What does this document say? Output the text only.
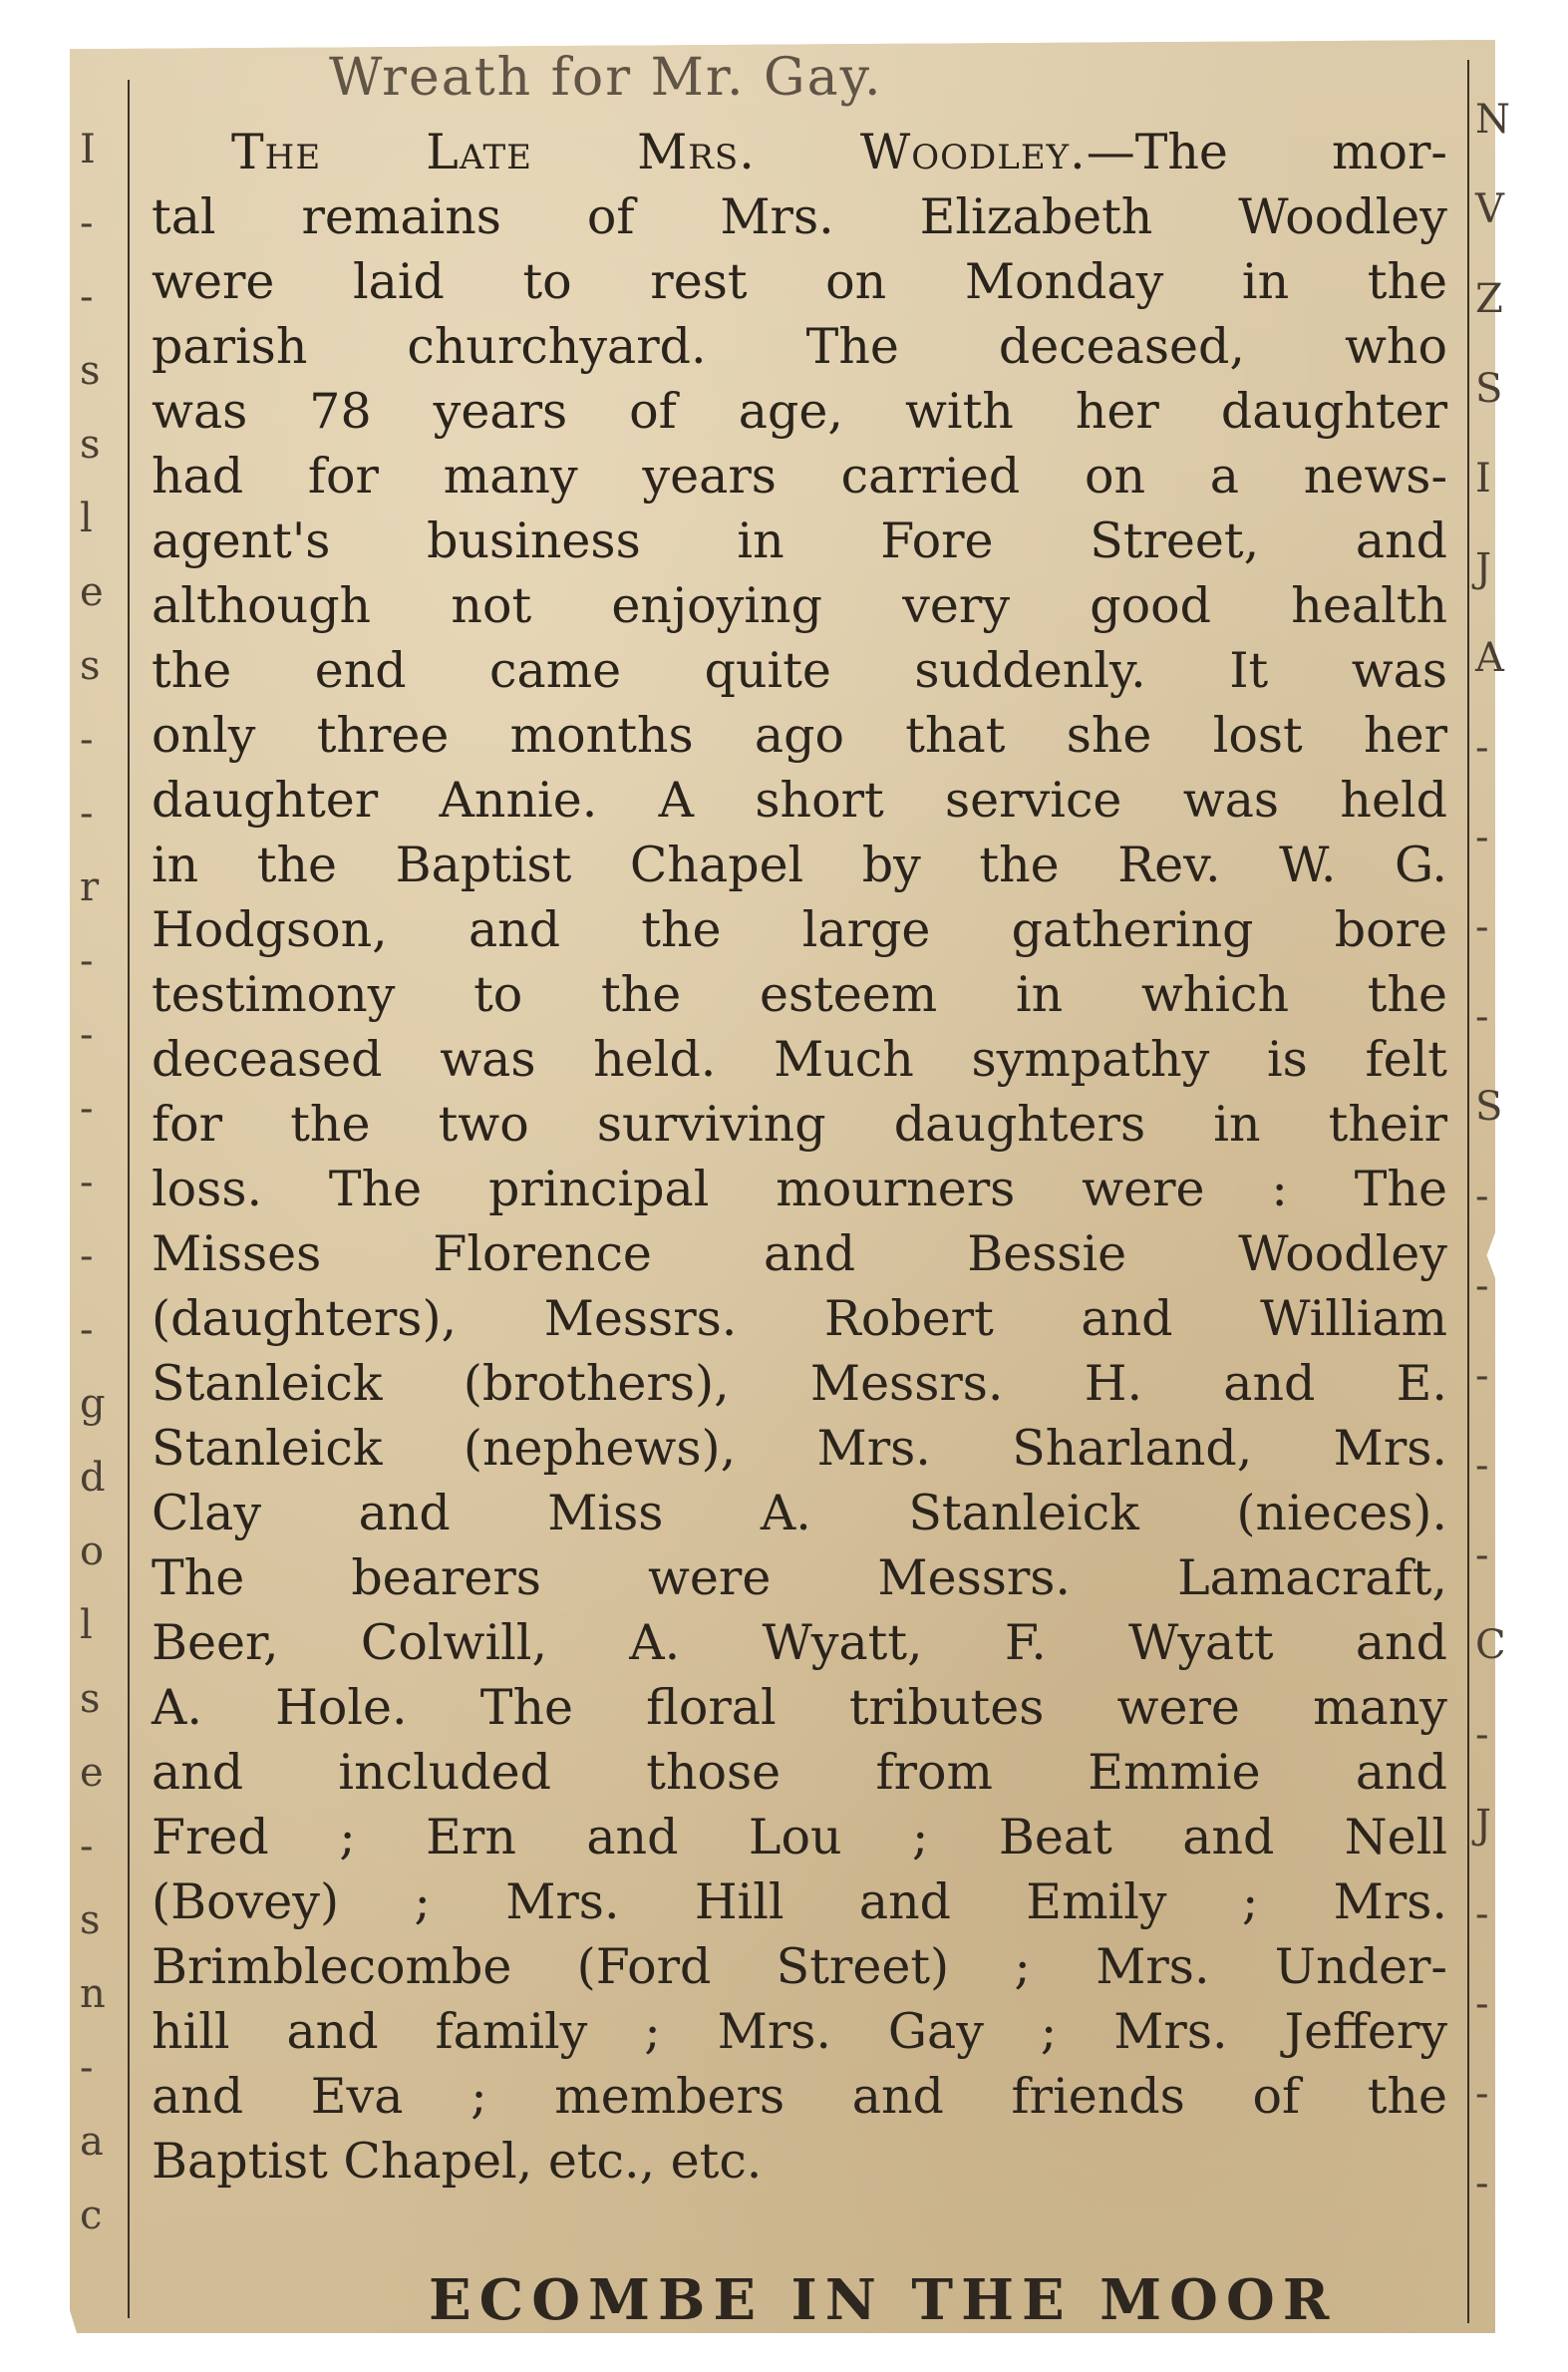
Wreath for Mr. Gay.
I
-
-
s
s
l
e
s
-
-
r
-
-
-
-
-
-
g
d
o
l
s
e
-
s
n
-
a
c
N
V
Z
S
I
J
A
-
-
-
-
S
-
-
-
-
-
C
-
J
-
-
-
-
The Late Mrs. Woodley.—The mor-
tal remains of Mrs. Elizabeth Woodley
were laid to rest on Monday in the
parish churchyard. The deceased, who
was 78 years of age, with her daughter
had for many years carried on a news-
agent's business in Fore Street, and
although not enjoying very good health
the end came quite suddenly. It was
only three months ago that she lost her
daughter Annie. A short service was held
in the Baptist Chapel by the Rev. W. G.
Hodgson, and the large gathering bore
testimony to the esteem in which the
deceased was held. Much sympathy is felt
for the two surviving daughters in their
loss. The principal mourners were : The
Misses Florence and Bessie Woodley
(daughters), Messrs. Robert and William
Stanleick (brothers), Messrs. H. and E.
Stanleick (nephews), Mrs. Sharland, Mrs.
Clay and Miss A. Stanleick (nieces).
The bearers were Messrs. Lamacraft,
Beer, Colwill, A. Wyatt, F. Wyatt and
A. Hole. The floral tributes were many
and included those from Emmie and
Fred ; Ern and Lou ; Beat and Nell
(Bovey) ; Mrs. Hill and Emily ; Mrs.
Brimblecombe (Ford Street) ; Mrs. Under-
hill and family ; Mrs. Gay ; Mrs. Jeffery
and Eva ; members and friends of the
Baptist Chapel, etc., etc.
ECOMBE IN THE MOOR
